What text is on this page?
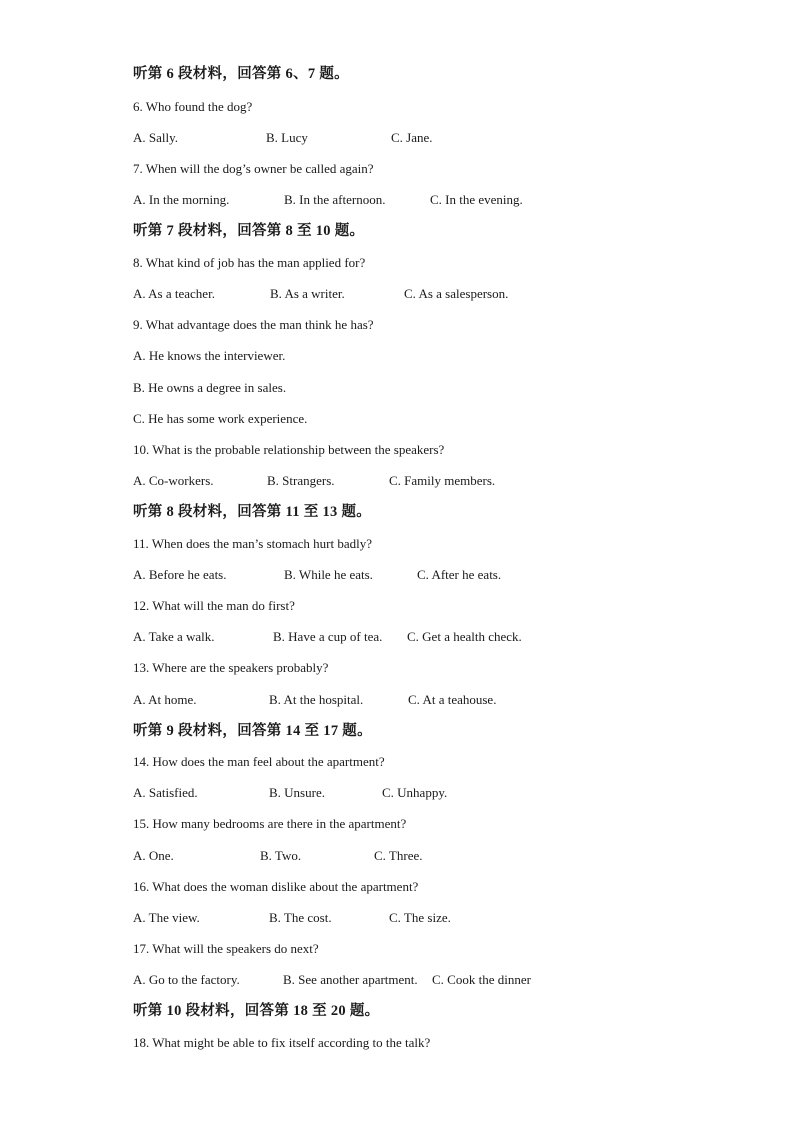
听第 6 段材料，回答第 6、7 题。
6. Who found the dog?
A. Sally.	B. Lucy	C. Jane.
7. When will the dog’s owner be called again?
A. In the morning.	B. In the afternoon.	C. In the evening.
听第 7 段材料，回答第 8 至 10 题。
8. What kind of job has the man applied for?
A. As a teacher.	B. As a writer.	C. As a salesperson.
9. What advantage does the man think he has?
A. He knows the interviewer.
B. He owns a degree in sales.
C. He has some work experience.
10. What is the probable relationship between the speakers?
A. Co-workers.	B. Strangers.	C. Family members.
听第 8 段材料，回答第 11 至 13 题。
11. When does the man’s stomach hurt badly?
A. Before he eats.	B. While he eats.	C. After he eats.
12. What will the man do first?
A. Take a walk.	B. Have a cup of tea. C. Get a health check.
13. Where are the speakers probably?
A. At home.	B. At the hospital.	C. At a teahouse.
听第 9 段材料，回答第 14 至 17 题。
14. How does the man feel about the apartment?
A. Satisfied.	B. Unsure.	C. Unhappy.
15. How many bedrooms are there in the apartment?
A. One.	B. Two.	C. Three.
16. What does the woman dislike about the apartment?
A. The view.	B. The cost.	C. The size.
17. What will the speakers do next?
A. Go to the factory.	B. See another apartment. C. Cook the dinner
听第 10 段材料，回答第 18 至 20 题。
18. What might be able to fix itself according to the talk?
